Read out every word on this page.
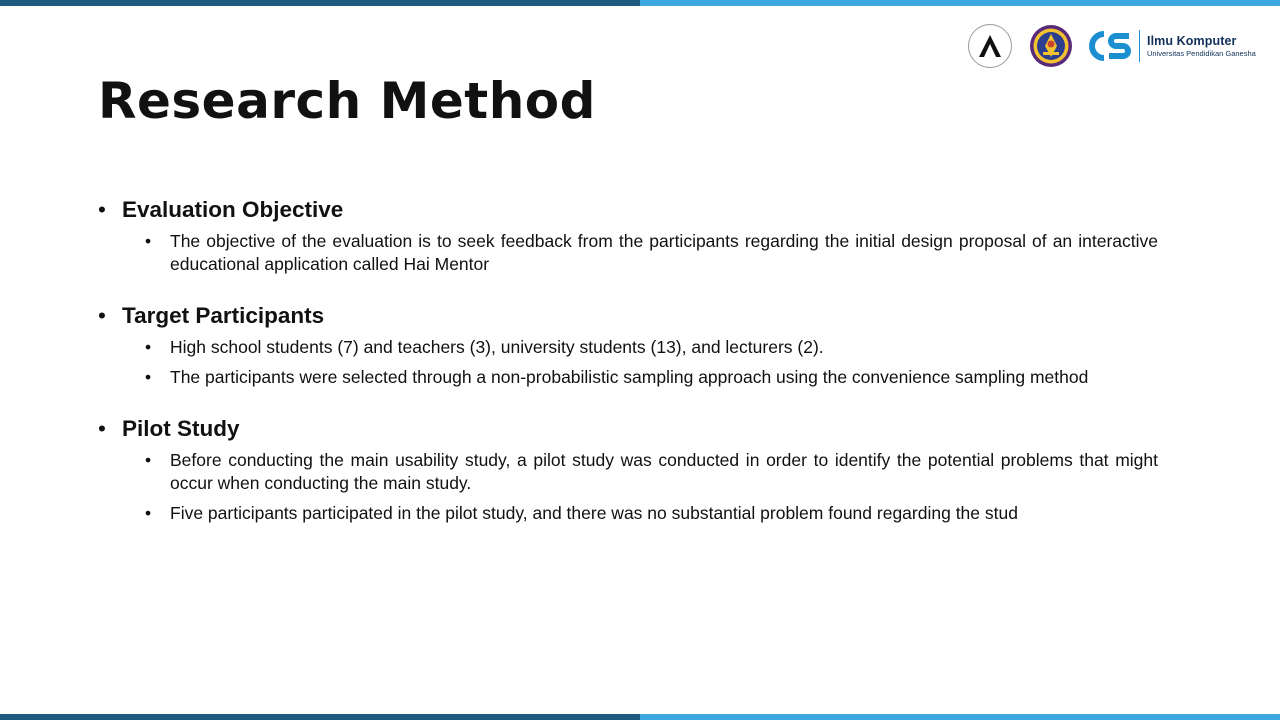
Ilmu Komputer
Universitas Pendidikan Ganesha
Research Method
• Evaluation Objective
• The objective of the evaluation is to seek feedback from the participants regarding the initial design proposal of an interactive educational application called Hai Mentor
• Target Participants
• High school students (7) and teachers (3), university students (13), and lecturers (2).
• The participants were selected through a non-probabilistic sampling approach using the convenience sampling method
• Pilot Study
• Before conducting the main usability study, a pilot study was conducted in order to identify the potential problems that might occur when conducting the main study.
• Five participants participated in the pilot study, and there was no substantial problem found regarding the stud
